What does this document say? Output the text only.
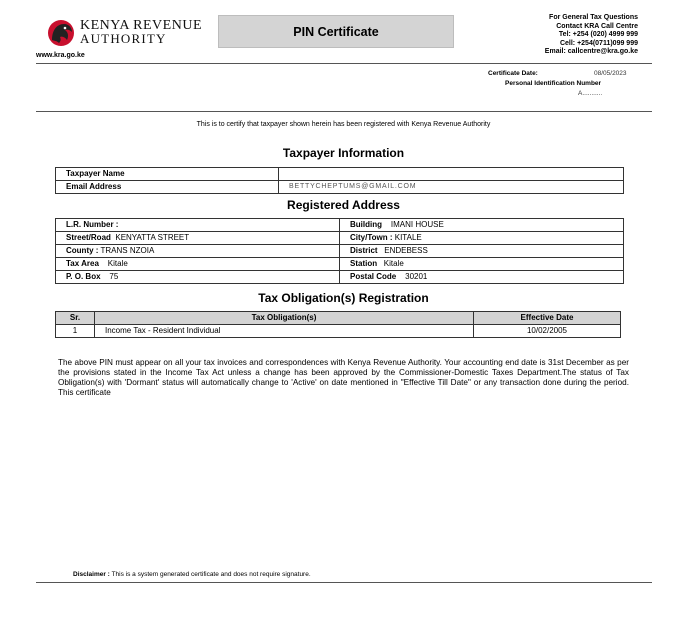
KENYA REVENUE
AUTHORITY
www.kra.go.ke
PIN Certificate
For General Tax Questions
Contact KRA Call Centre
Tel: +254 (020) 4999 999
Cell: +254(0711)099 999
Email: callcentre@kra.go.ke
Certificate Date:	08/05/2023
Personal Identification Number
A...........
This is to certify that taxpayer shown herein has been registered with Kenya Revenue Authority
Taxpayer Information
Taxpayer Name	
Email Address	BETTYCHEPTUMS@GMAIL.COM
Registered Address
L.R. Number :	Building IMANI HOUSE
Street/Road KENYATTA STREET	City/Town : KITALE
County : TRANS NZOIA	District ENDEBESS
Tax Area Kitale	Station Kitale
P. O. Box 75	Postal Code 30201
Tax Obligation(s) Registration
Sr.	Tax Obligation(s)	Effective Date
1	Income Tax - Resident Individual	10/02/2005
The above PIN must appear on all your tax invoices and correspondences with Kenya Revenue Authority. Your accounting end date is 31st December as per the provisions stated in the Income Tax Act unless a change has been approved by the Commissioner-Domestic Taxes Department.The status of Tax Obligation(s) with 'Dormant' status will automatically change to 'Active' on date mentioned in "Effective Till Date" or any transaction done during the period. This certificate
Disclaimer : This is a system generated certificate and does not require signature.
